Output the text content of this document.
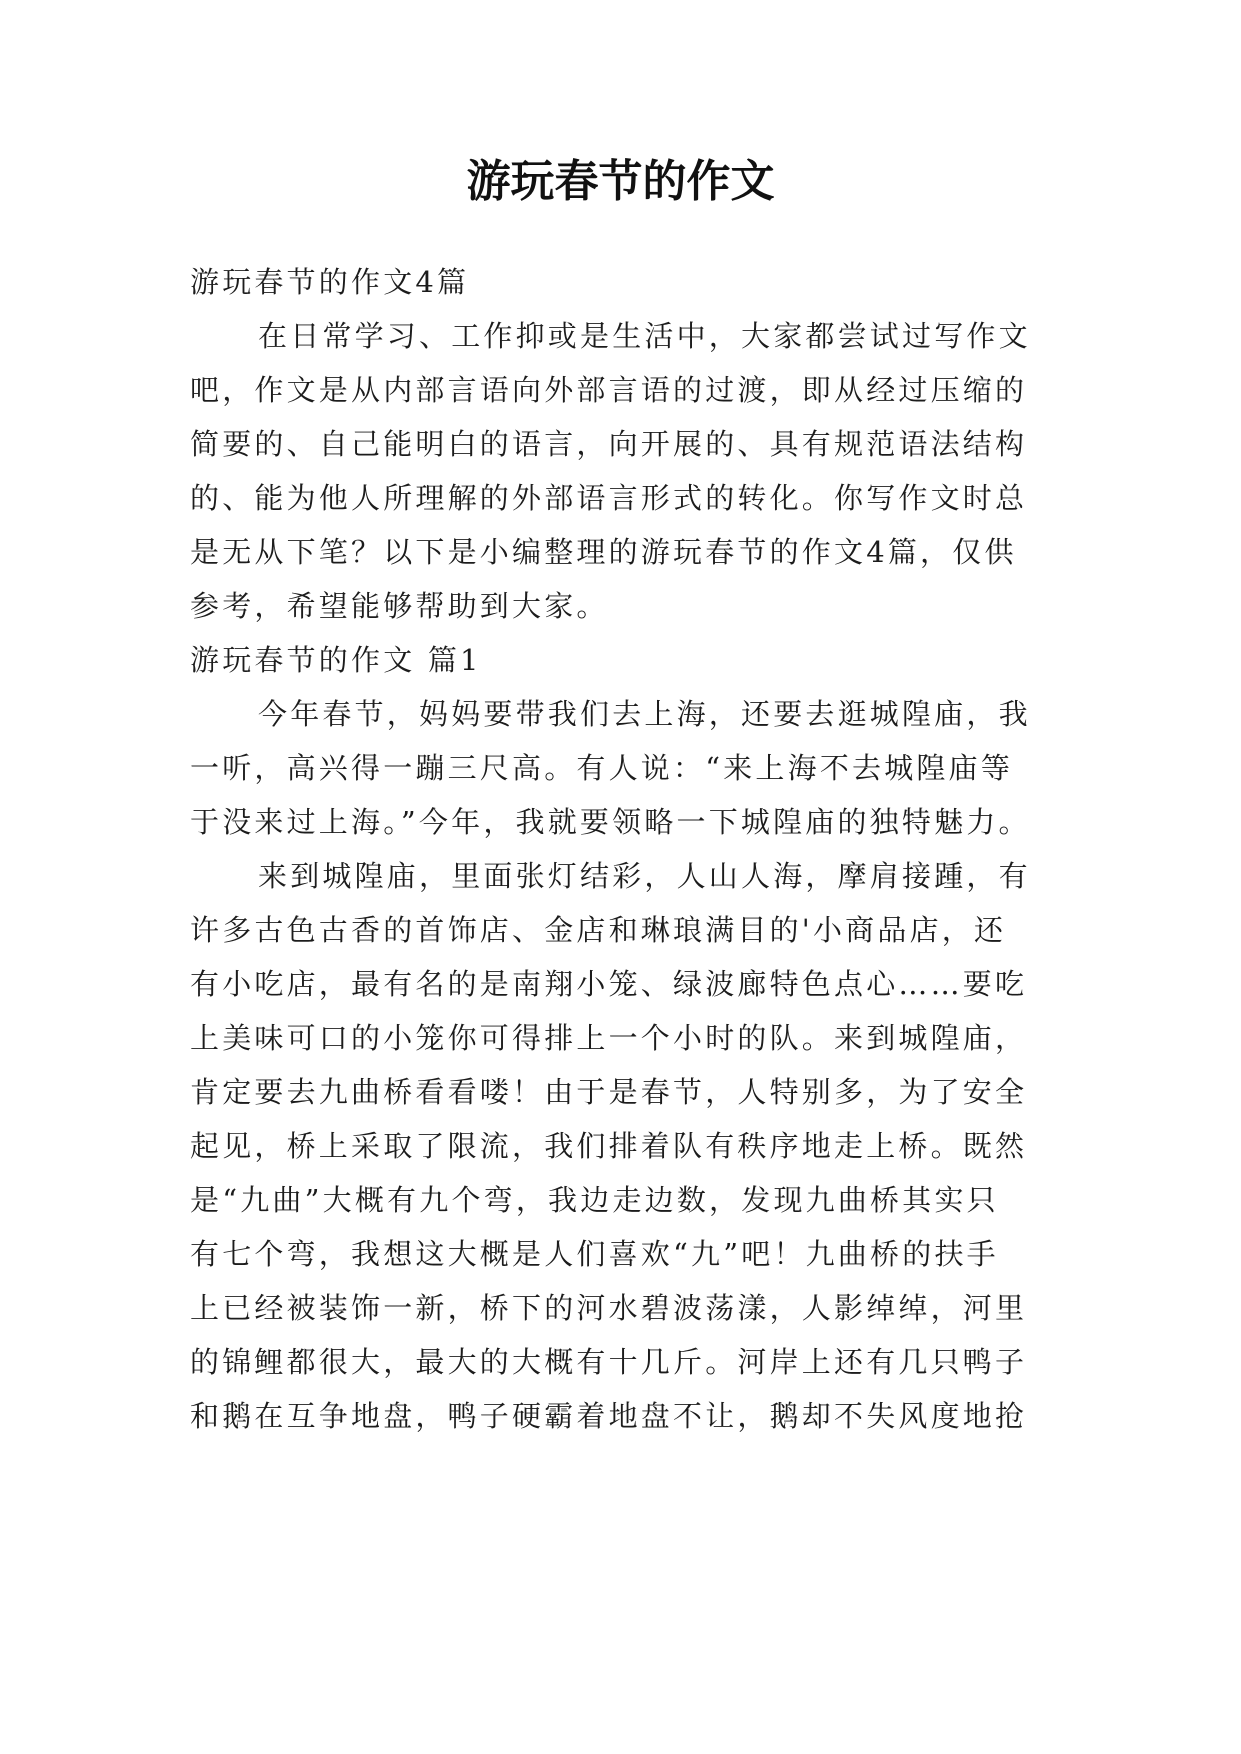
游玩春节的作文
游玩春节的作文4篇
在日常学习、工作抑或是生活中，大家都尝试过写作文
吧，作文是从内部言语向外部言语的过渡，即从经过压缩的
简要的、自己能明白的语言，向开展的、具有规范语法结构
的、能为他人所理解的外部语言形式的转化。你写作文时总
是无从下笔？以下是小编整理的游玩春节的作文4篇，仅供
参考，希望能够帮助到大家。
游玩春节的作文 篇1
今年春节，妈妈要带我们去上海，还要去逛城隍庙，我
一听，高兴得一蹦三尺高。有人说：“来上海不去城隍庙等
于没来过上海。”今年，我就要领略一下城隍庙的独特魅力。
来到城隍庙，里面张灯结彩，人山人海，摩肩接踵，有
许多古色古香的首饰店、金店和琳琅满目的'小商品店，还
有小吃店，最有名的是南翔小笼、绿波廊特色点心……要吃
上美味可口的小笼你可得排上一个小时的队。来到城隍庙，
肯定要去九曲桥看看喽！由于是春节，人特别多，为了安全
起见，桥上采取了限流，我们排着队有秩序地走上桥。既然
是“九曲”大概有九个弯，我边走边数，发现九曲桥其实只
有七个弯，我想这大概是人们喜欢“九”吧！九曲桥的扶手
上已经被装饰一新，桥下的河水碧波荡漾，人影绰绰，河里
的锦鲤都很大，最大的大概有十几斤。河岸上还有几只鸭子
和鹅在互争地盘，鸭子硬霸着地盘不让，鹅却不失风度地抢
